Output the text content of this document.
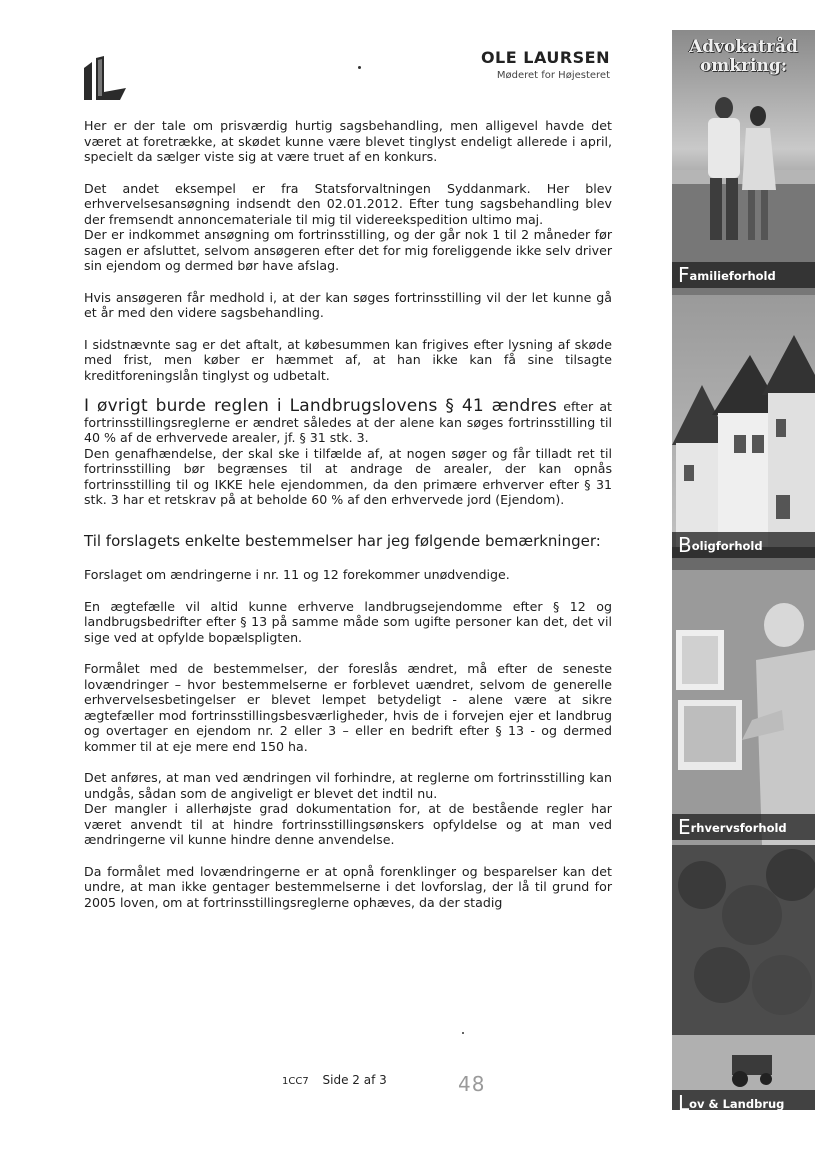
OLE LAURSEN
Møderet for Højesteret

Her er der tale om prisværdig hurtig sagsbehandling, men alligevel havde det været at foretrække, at skødet kunne være blevet tinglyst endeligt allerede i april, specielt da sælger viste sig at være truet af en konkurs.

Det andet eksempel er fra Statsforvaltningen Syddanmark. Her blev erhvervelsesansøgning indsendt den 02.01.2012. Efter tung sagsbehandling blev der fremsendt annoncemateriale til mig til videreekspedition ultimo maj.

Der er indkommet ansøgning om fortrinsstilling, og der går nok 1 til 2 måneder før sagen er afsluttet, selvom ansøgeren efter det for mig foreliggende ikke selv driver sin ejendom og dermed bør have afslag.

Hvis ansøgeren får medhold i, at der kan søges fortrinsstilling vil der let kunne gå et år med den videre sagsbehandling.

I sidstnævnte sag er det aftalt, at købesummen kan frigives efter lysning af skøde med frist, men køber er hæmmet af, at han ikke kan få sine tilsagte kreditforeningslån tinglyst og udbetalt.

I øvrigt burde reglen i Landbrugslovens § 41 ændres efter at fortrinsstillingsreglerne er ændret således at der alene kan søges fortrinsstilling til 40 % af de erhvervede arealer, jf. § 31 stk. 3.

Den genafhændelse, der skal ske i tilfælde af, at nogen søger og får tilladt ret til fortrinsstilling bør begrænses til at andrage de arealer, der kan opnås fortrinsstilling til og IKKE hele ejendommen, da den primære erhverver efter § 31 stk. 3 har et retskrav på at beholde 60 % af den erhvervede jord (Ejendom).

Til forslagets enkelte bestemmelser har jeg følgende bemærkninger:

Forslaget om ændringerne i nr. 11 og 12 forekommer unødvendige.

En ægtefælle vil altid kunne erhverve landbrugsejendomme efter § 12 og landbrugsbedrifter efter § 13 på samme måde som ugifte personer kan det, det vil sige ved at opfylde bopælspligten.

Formålet med de bestemmelser, der foreslås ændret, må efter de seneste lovændringer – hvor bestemmelserne er forblevet uændret, selvom de generelle erhvervelsesbetingelser er blevet lempet betydeligt - alene være at sikre ægtefæller mod fortrinsstillingsbesværligheder, hvis de i forvejen ejer et landbrug og overtager en ejendom nr. 2 eller 3 – eller en bedrift efter § 13 - og dermed kommer til at eje mere end 150 ha.

Det anføres, at man ved ændringen vil forhindre, at reglerne om fortrinsstilling kan undgås, sådan som de angiveligt er blevet det indtil nu.

Der mangler i allerhøjste grad dokumentation for, at de bestående regler har været anvendt til at hindre fortrinsstillingsønskers opfyldelse og at man ved ændringerne vil kunne hindre denne anvendelse.

Da formålet med lovændringerne er at opnå forenklinger og besparelser kan det undre, at man ikke gentager bestemmelserne i det lovforslag, der lå til grund for 2005 loven, om at fortrinsstillingsreglerne ophæves, da der stadig

1CC7 Side 2 af 3	48
Advokatråd
omkring:
Familieforhold
Boligforhold
Erhvervsforhold
Lov & Landbrug
